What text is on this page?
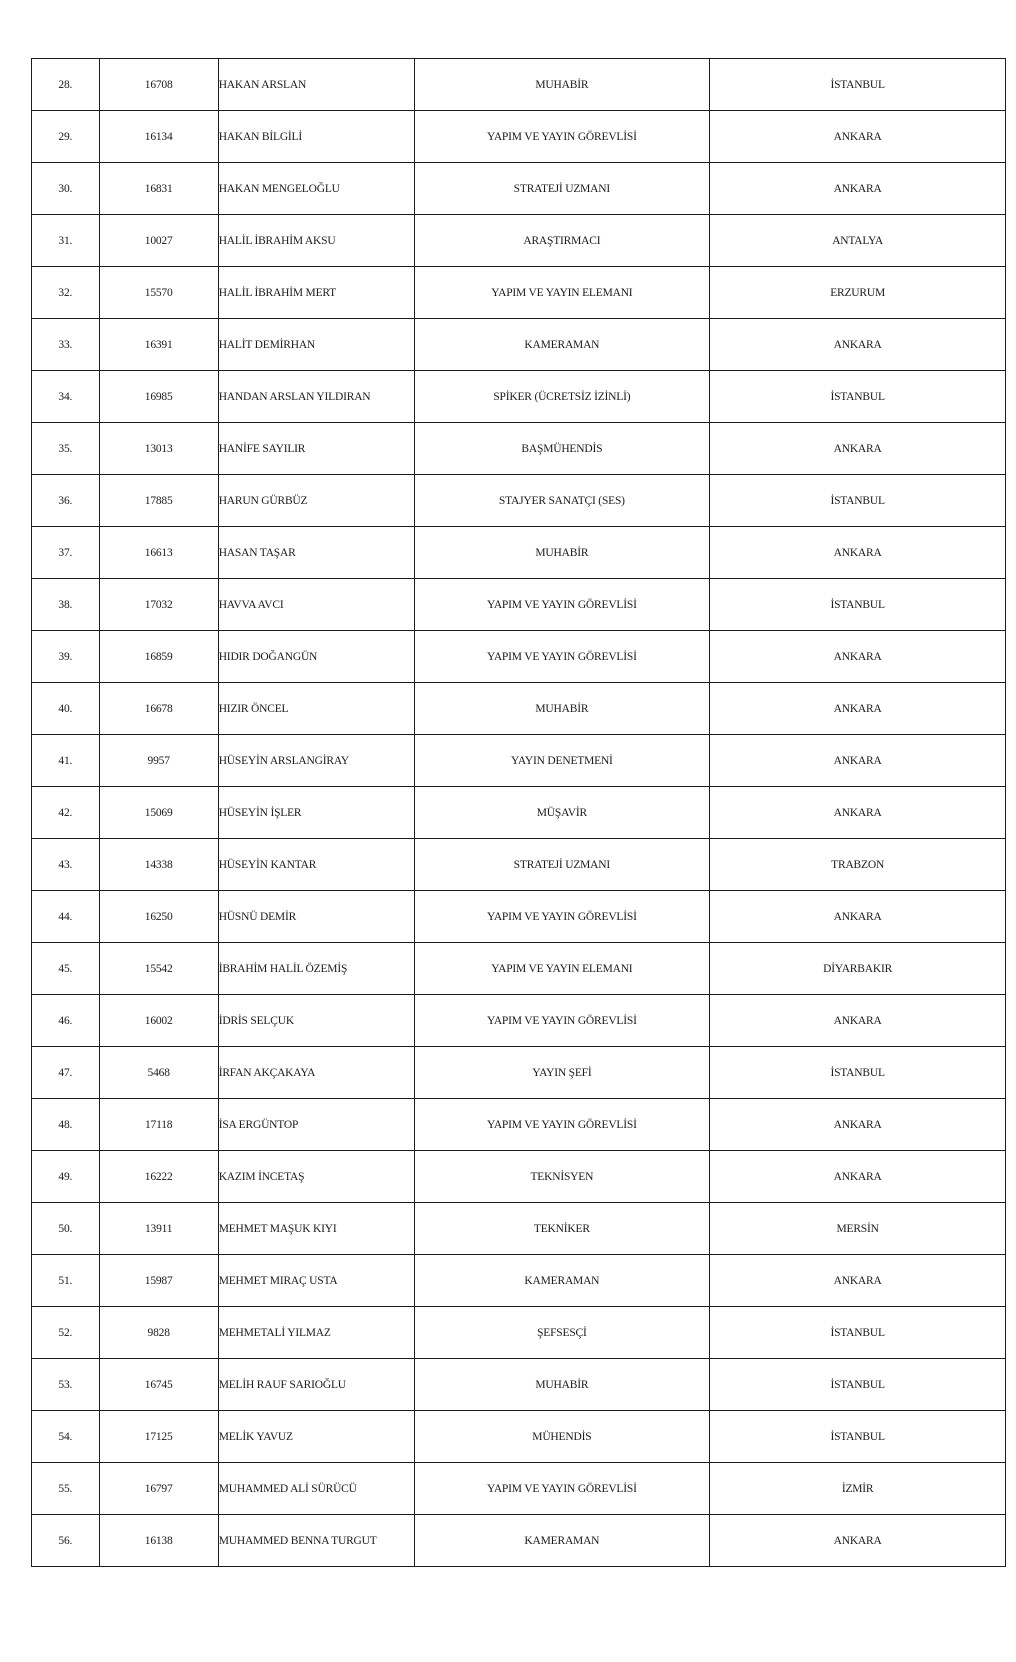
28.	16708	HAKAN ARSLAN	MUHABİR	İSTANBUL
29.	16134	HAKAN BİLGİLİ	YAPIM VE YAYIN GÖREVLİSİ	ANKARA
30.	16831	HAKAN MENGELOĞLU	STRATEJİ UZMANI	ANKARA
31.	10027	HALİL İBRAHİM AKSU	ARAŞTIRMACI	ANTALYA
32.	15570	HALİL İBRAHİM MERT	YAPIM VE YAYIN ELEMANI	ERZURUM
33.	16391	HALİT DEMİRHAN	KAMERAMAN	ANKARA
34.	16985	HANDAN ARSLAN YILDIRAN	SPİKER (ÜCRETSİZ İZİNLİ)	İSTANBUL
35.	13013	HANİFE SAYILIR	BAŞMÜHENDİS	ANKARA
36.	17885	HARUN GÜRBÜZ	STAJYER SANATÇI (SES)	İSTANBUL
37.	16613	HASAN TAŞAR	MUHABİR	ANKARA
38.	17032	HAVVA AVCI	YAPIM VE YAYIN GÖREVLİSİ	İSTANBUL
39.	16859	HIDIR DOĞANGÜN	YAPIM VE YAYIN GÖREVLİSİ	ANKARA
40.	16678	HIZIR ÖNCEL	MUHABİR	ANKARA
41.	9957	HÜSEYİN ARSLANGİRAY	YAYIN DENETMENİ	ANKARA
42.	15069	HÜSEYİN İŞLER	MÜŞAVİR	ANKARA
43.	14338	HÜSEYİN KANTAR	STRATEJİ UZMANI	TRABZON
44.	16250	HÜSNÜ DEMİR	YAPIM VE YAYIN GÖREVLİSİ	ANKARA
45.	15542	İBRAHİM HALİL ÖZEMİŞ	YAPIM VE YAYIN ELEMANI	DİYARBAKIR
46.	16002	İDRİS SELÇUK	YAPIM VE YAYIN GÖREVLİSİ	ANKARA
47.	5468	İRFAN AKÇAKAYA	YAYIN ŞEFİ	İSTANBUL
48.	17118	İSA ERGÜNTOP	YAPIM VE YAYIN GÖREVLİSİ	ANKARA
49.	16222	KAZIM İNCETAŞ	TEKNİSYEN	ANKARA
50.	13911	MEHMET MAŞUK KIYI	TEKNİKER	MERSİN
51.	15987	MEHMET MIRAÇ USTA	KAMERAMAN	ANKARA
52.	9828	MEHMETALİ YILMAZ	ŞEFSESÇİ	İSTANBUL
53.	16745	MELİH RAUF SARIOĞLU	MUHABİR	İSTANBUL
54.	17125	MELİK YAVUZ	MÜHENDİS	İSTANBUL
55.	16797	MUHAMMED ALİ SÜRÜCÜ	YAPIM VE YAYIN GÖREVLİSİ	İZMİR
56.	16138	MUHAMMED BENNA TURGUT	KAMERAMAN	ANKARA
